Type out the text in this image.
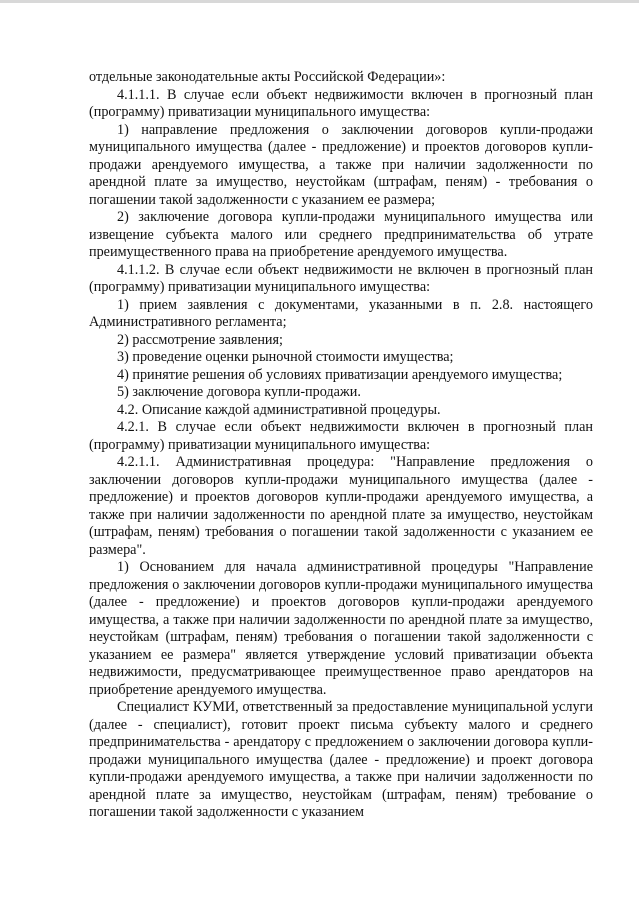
отдельные законодательные акты Российской Федерации»:

4.1.1.1. В случае если объект недвижимости включен в прогнозный план (программу) приватизации муниципального имущества:

1) направление предложения о заключении договоров купли-продажи муниципального имущества (далее - предложение) и проектов договоров купли-продажи арендуемого имущества, а также при наличии задолженности по арендной плате за имущество, неустойкам (штрафам, пеням) - требования о погашении такой задолженности с указанием ее размера;

2) заключение договора купли-продажи муниципального имущества или извещение субъекта малого или среднего предпринимательства об утрате преимущественного права на приобретение арендуемого имущества.

4.1.1.2. В случае если объект недвижимости не включен в прогнозный план (программу) приватизации муниципального имущества:

1) прием заявления с документами, указанными в п. 2.8. настоящего Административного регламента;

2) рассмотрение заявления;

3) проведение оценки рыночной стоимости имущества;

4) принятие решения об условиях приватизации арендуемого имущества;

5) заключение договора купли-продажи.

4.2. Описание каждой административной процедуры.

4.2.1. В случае если объект недвижимости включен в прогнозный план (программу) приватизации муниципального имущества:

4.2.1.1. Административная процедура: "Направление предложения о заключении договоров купли-продажи муниципального имущества (далее - предложение) и проектов договоров купли-продажи арендуемого имущества, а также при наличии задолженности по арендной плате за имущество, неустойкам (штрафам, пеням) требования о погашении такой задолженности с указанием ее размера".

1) Основанием для начала административной процедуры "Направление предложения о заключении договоров купли-продажи муниципального имущества (далее - предложение) и проектов договоров купли-продажи арендуемого имущества, а также при наличии задолженности по арендной плате за имущество, неустойкам (штрафам, пеням) требования о погашении такой задолженности с указанием ее размера" является утверждение условий приватизации объекта недвижимости, предусматривающее преимущественное право арендаторов на приобретение арендуемого имущества.

Специалист КУМИ, ответственный за предоставление муниципальной услуги (далее - специалист), готовит проект письма субъекту малого и среднего предпринимательства - арендатору с предложением о заключении договора купли-продажи муниципального имущества (далее - предложение) и проект договора купли-продажи арендуемого имущества, а также при наличии задолженности по арендной плате за имущество, неустойкам (штрафам, пеням) требование о погашении такой задолженности с указанием
